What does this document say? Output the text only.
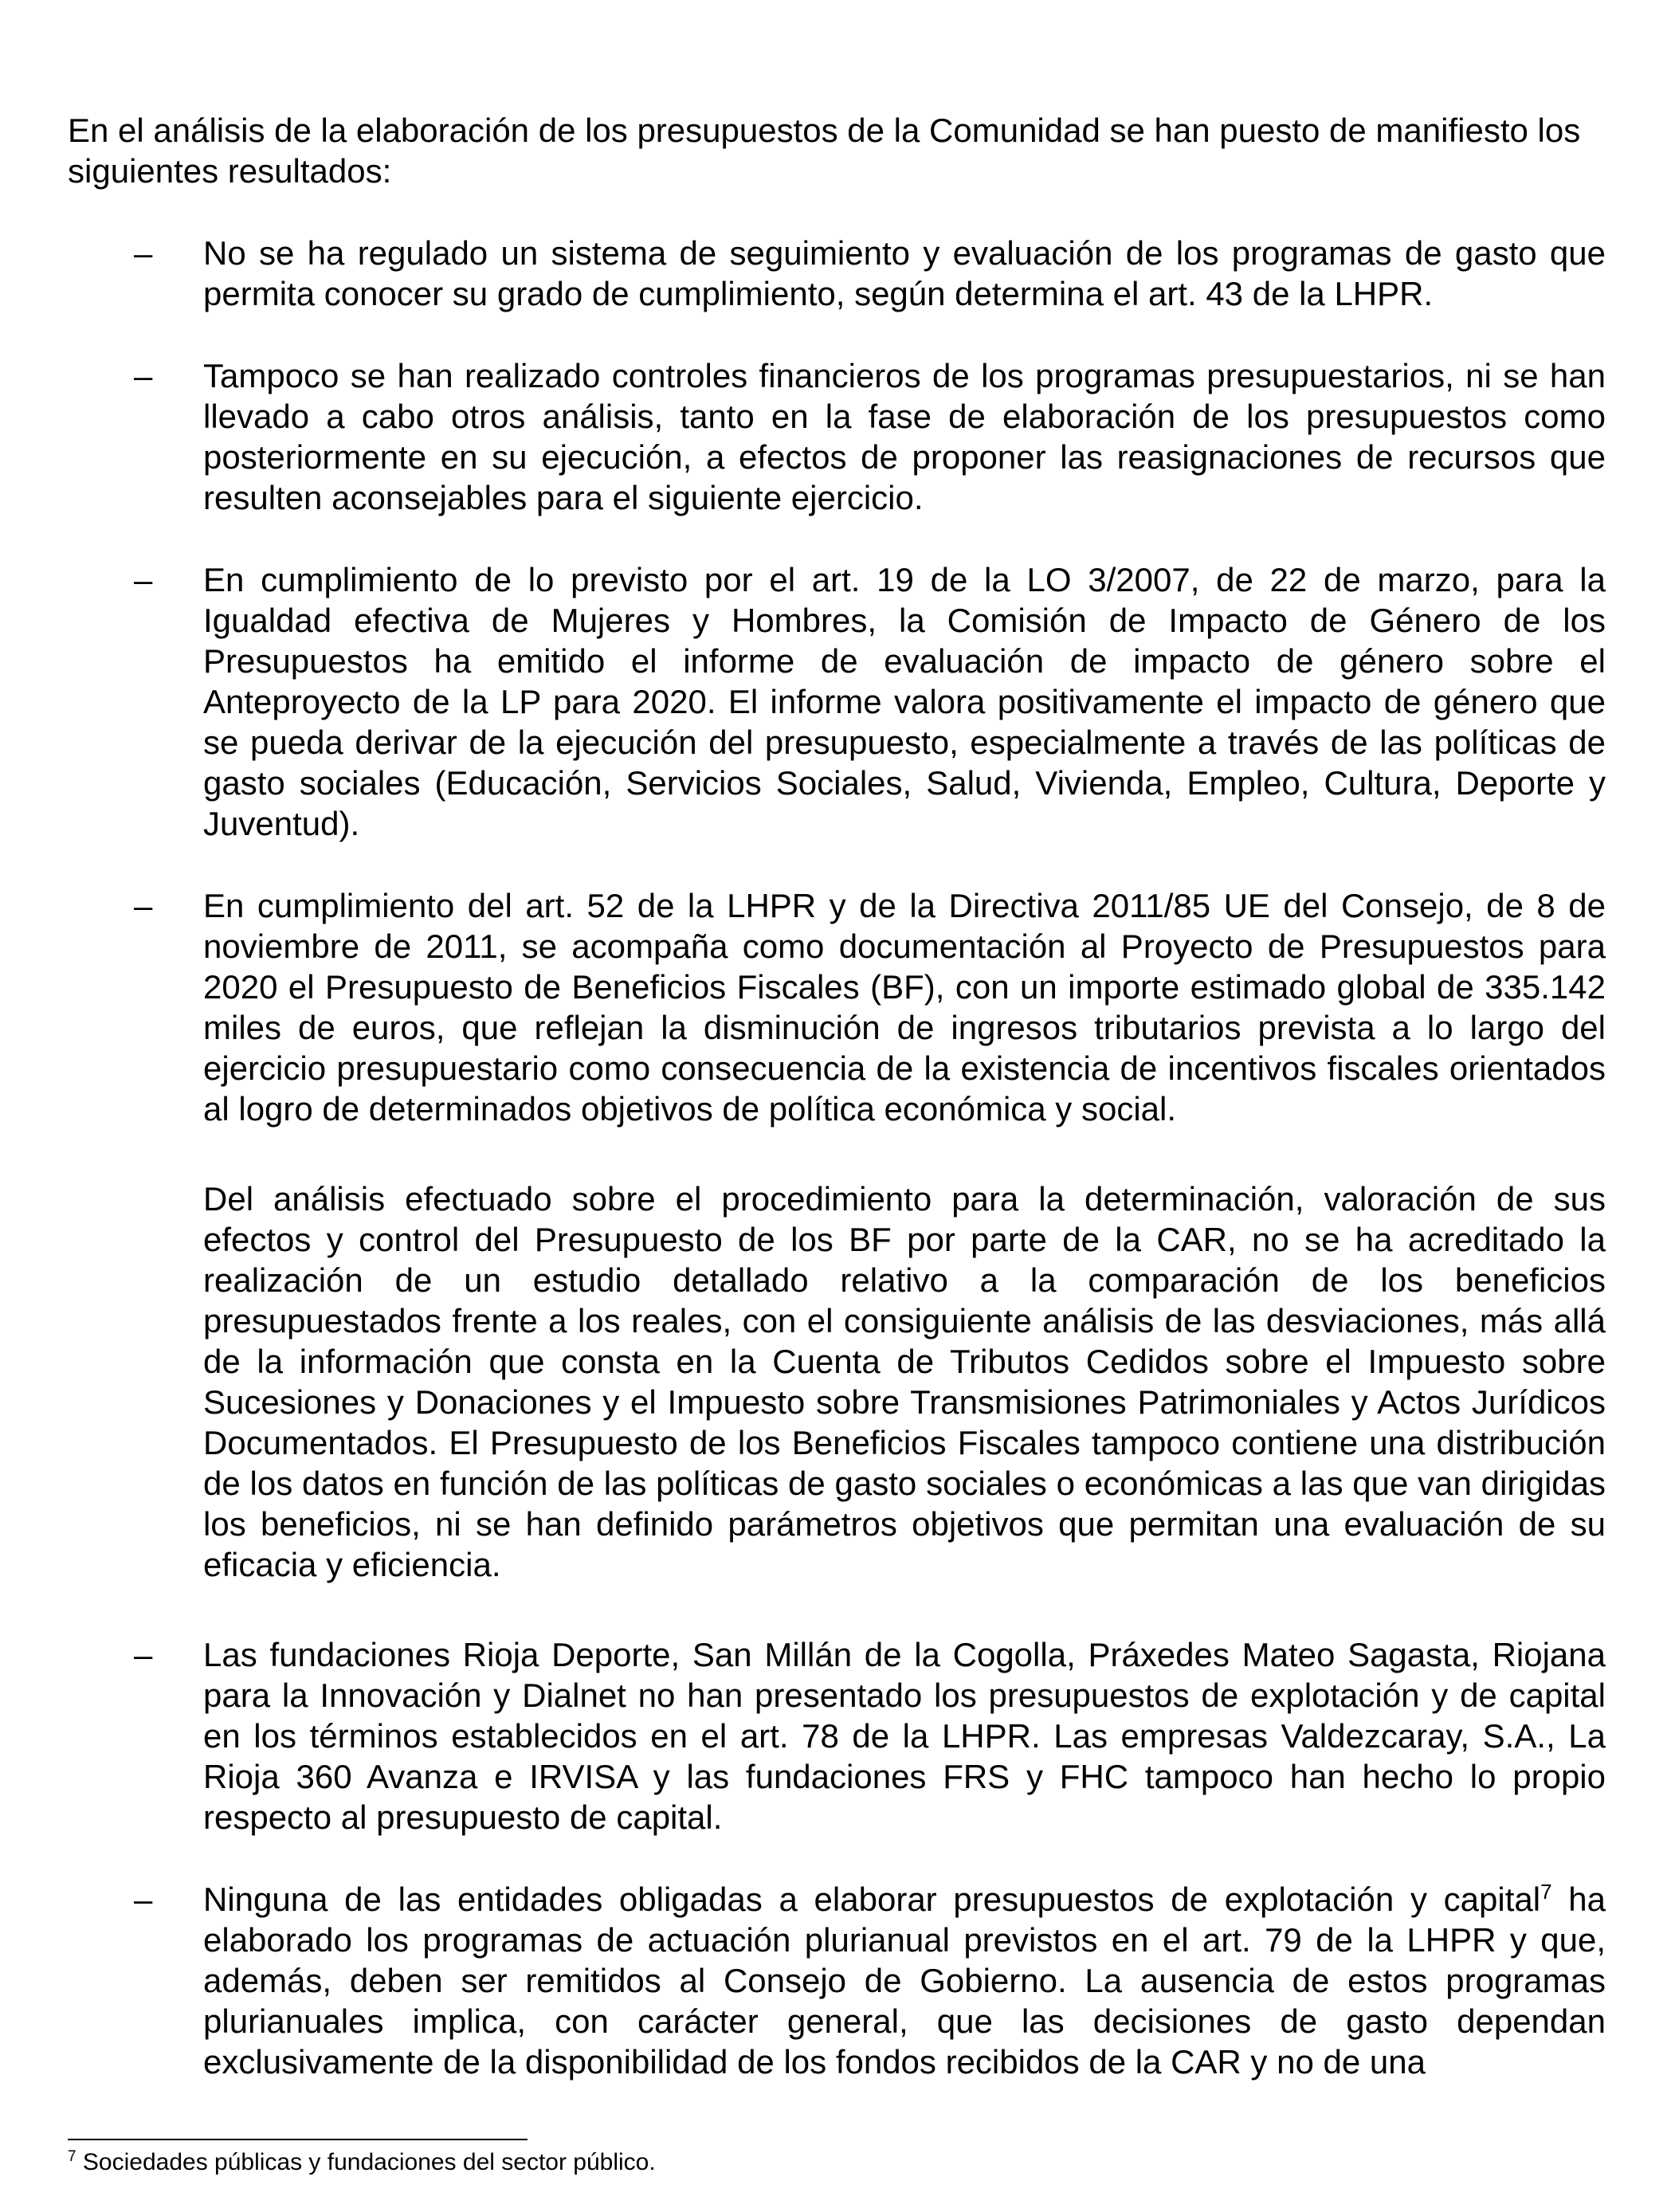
En el análisis de la elaboración de los presupuestos de la Comunidad se han puesto de manifiesto los siguientes resultados:

– No se ha regulado un sistema de seguimiento y evaluación de los programas de gasto que permita conocer su grado de cumplimiento, según determina el art. 43 de la LHPR.

– Tampoco se han realizado controles financieros de los programas presupuestarios, ni se han llevado a cabo otros análisis, tanto en la fase de elaboración de los presupuestos como posteriormente en su ejecución, a efectos de proponer las reasignaciones de recursos que resulten aconsejables para el siguiente ejercicio.

– En cumplimiento de lo previsto por el art. 19 de la LO 3/2007, de 22 de marzo, para la Igualdad efectiva de Mujeres y Hombres, la Comisión de Impacto de Género de los Presupuestos ha emitido el informe de evaluación de impacto de género sobre el Anteproyecto de la LP para 2020. El informe valora positivamente el impacto de género que se pueda derivar de la ejecución del presupuesto, especialmente a través de las políticas de gasto sociales (Educación, Servicios Sociales, Salud, Vivienda, Empleo, Cultura, Deporte y Juventud).

– En cumplimiento del art. 52 de la LHPR y de la Directiva 2011/85 UE del Consejo, de 8 de noviembre de 2011, se acompaña como documentación al Proyecto de Presupuestos para 2020 el Presupuesto de Beneficios Fiscales (BF), con un importe estimado global de 335.142 miles de euros, que reflejan la disminución de ingresos tributarios prevista a lo largo del ejercicio presupuestario como consecuencia de la existencia de incentivos fiscales orientados al logro de determinados objetivos de política económica y social.

Del análisis efectuado sobre el procedimiento para la determinación, valoración de sus efectos y control del Presupuesto de los BF por parte de la CAR, no se ha acreditado la realización de un estudio detallado relativo a la comparación de los beneficios presupuestados frente a los reales, con el consiguiente análisis de las desviaciones, más allá de la información que consta en la Cuenta de Tributos Cedidos sobre el Impuesto sobre Sucesiones y Donaciones y el Impuesto sobre Transmisiones Patrimoniales y Actos Jurídicos Documentados. El Presupuesto de los Beneficios Fiscales tampoco contiene una distribución de los datos en función de las políticas de gasto sociales o económicas a las que van dirigidas los beneficios, ni se han definido parámetros objetivos que permitan una evaluación de su eficacia y eficiencia.

– Las fundaciones Rioja Deporte, San Millán de la Cogolla, Práxedes Mateo Sagasta, Riojana para la Innovación y Dialnet no han presentado los presupuestos de explotación y de capital en los términos establecidos en el art. 78 de la LHPR. Las empresas Valdezcaray, S.A., La Rioja 360 Avanza e IRVISA y las fundaciones FRS y FHC tampoco han hecho lo propio respecto al presupuesto de capital.

– Ninguna de las entidades obligadas a elaborar presupuestos de explotación y capital$^7$ ha elaborado los programas de actuación plurianual previstos en el art. 79 de la LHPR y que, además, deben ser remitidos al Consejo de Gobierno. La ausencia de estos programas plurianuales implica, con carácter general, que las decisiones de gasto dependan exclusivamente de la disponibilidad de los fondos recibidos de la CAR y no de una

$^7$ Sociedades públicas y fundaciones del sector público.
